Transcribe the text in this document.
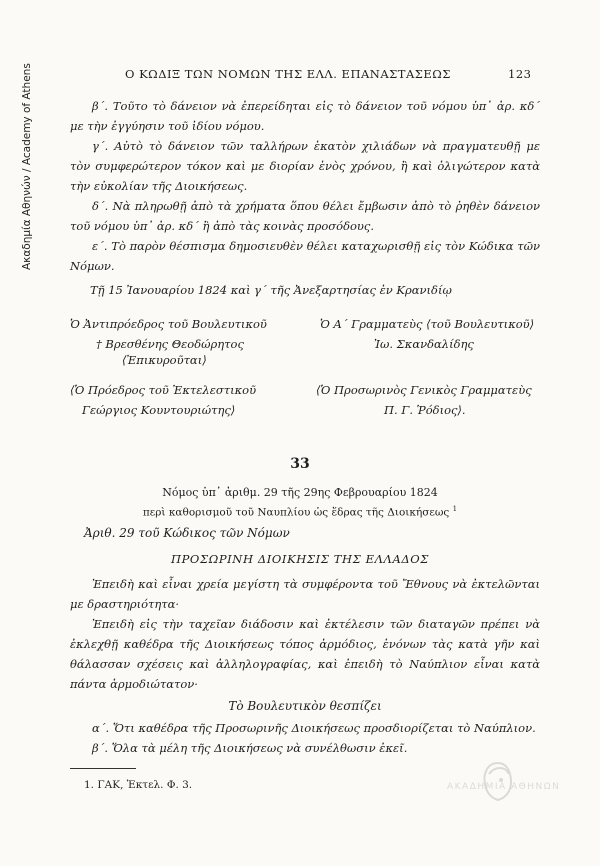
Ακαδημία Αθηνών / Academy of Athens	Ο ΚΩΔΙΞ ΤΩΝ ΝΟΜΩΝ ΤΗΣ ΕΛΛ. ΕΠΑΝΑΣΤΑΣΕΩΣ	123

β΄. Τοῦτο τὸ δάνειον νὰ ἐπερείδηται εἰς τὸ δάνειον τοῦ νόμου ὑπ᾿ ἀρ. κδ΄ με τὴν ἐγγύησιν τοῦ ἰδίου νόμου.

γ΄. Αὐτὸ τὸ δάνειον τῶν ταλλήρων ἑκατὸν χιλιάδων νὰ πραγματευθῇ με τὸν συμφερώτερον τόκον καὶ με διορίαν ἑνὸς χρόνου, ἢ καὶ ὀλιγώτερον κατὰ τὴν εὐκολίαν τῆς Διοικήσεως.

δ΄. Νὰ πληρωθῇ ἀπὸ τὰ χρήματα ὅπου θέλει ἔμβωσιν ἀπὸ τὸ ῥηθὲν δάνειον τοῦ νόμου ὑπ᾿ ἀρ. κδ΄ ἢ ἀπὸ τὰς κοινὰς προσόδους.

ε΄. Τὸ παρὸν θέσπισμα δημοσιευθὲν θέλει καταχωρισθῇ εἰς τὸν Κώδικα τῶν Νόμων.

Τῇ 15 Ἰανουαρίου 1824 καὶ γ΄ τῆς Ἀνεξαρτησίας ἐν Κρανιδίῳ
Ὁ Ἀντιπρόεδρος τοῦ Βουλευτικοῦ
† Βρεσθένης Θεοδώρητος
Ὁ Α΄ Γραμματεὺς ⟨τοῦ Βουλευτικοῦ⟩
Ἰω. Σκανδαλίδης
⟨Ἐπικυροῦται⟩
⟨Ὁ Πρόεδρος τοῦ Ἐκτελεστικοῦ
Γεώργιος Κουντουριώτης⟩
⟨Ὁ Προσωρινὸς Γενικὸς Γραμματεὺς
Π. Γ. Ῥόδιος⟩.
33
Νόμος ὑπ᾿ ἀριθμ. 29 τῆς 29ης Φεβρουαρίου 1824
περὶ καθορισμοῦ τοῦ Ναυπλίου ὡς ἕδρας τῆς Διοικήσεως $^1$
Ἀριθ. 29 τοῦ Κώδικος τῶν Νόμων
ΠΡΟΣΩΡΙΝΗ ΔΙΟΙΚΗΣΙΣ ΤΗΣ ΕΛΛΑΔΟΣ

Ἐπειδὴ καὶ εἶναι χρεία μεγίστη τὰ συμφέροντα τοῦ Ἔθνους νὰ ἐκτελῶνται με δραστηριότητα·

Ἐπειδὴ εἰς τὴν ταχεῖαν διάδοσιν καὶ ἐκτέλεσιν τῶν διαταγῶν πρέπει νὰ ἐκλεχθῇ καθέδρα τῆς Διοικήσεως τόπος ἁρμόδιος, ἑνόνων τὰς κατὰ γῆν καὶ θάλασσαν σχέσεις καὶ ἀλληλογραφίας, καὶ ἐπειδὴ τὸ Ναύπλιον εἶναι κατὰ πάντα ἁρμοδιώτατον·

Τὸ Βουλευτικὸν θεσπίζει

α΄. Ὅτι καθέδρα τῆς Προσωρινῆς Διοικήσεως προσδιορίζεται τὸ Ναύπλιον.

β΄. Ὅλα τὰ μέλη τῆς Διοικήσεως νὰ συνέλθωσιν ἐκεῖ.

1. ΓΑΚ, Ἐκτελ. Φ. 3.	ΑΚΑΔΗΜΙΑ ΑΘΗΝΩΝ
